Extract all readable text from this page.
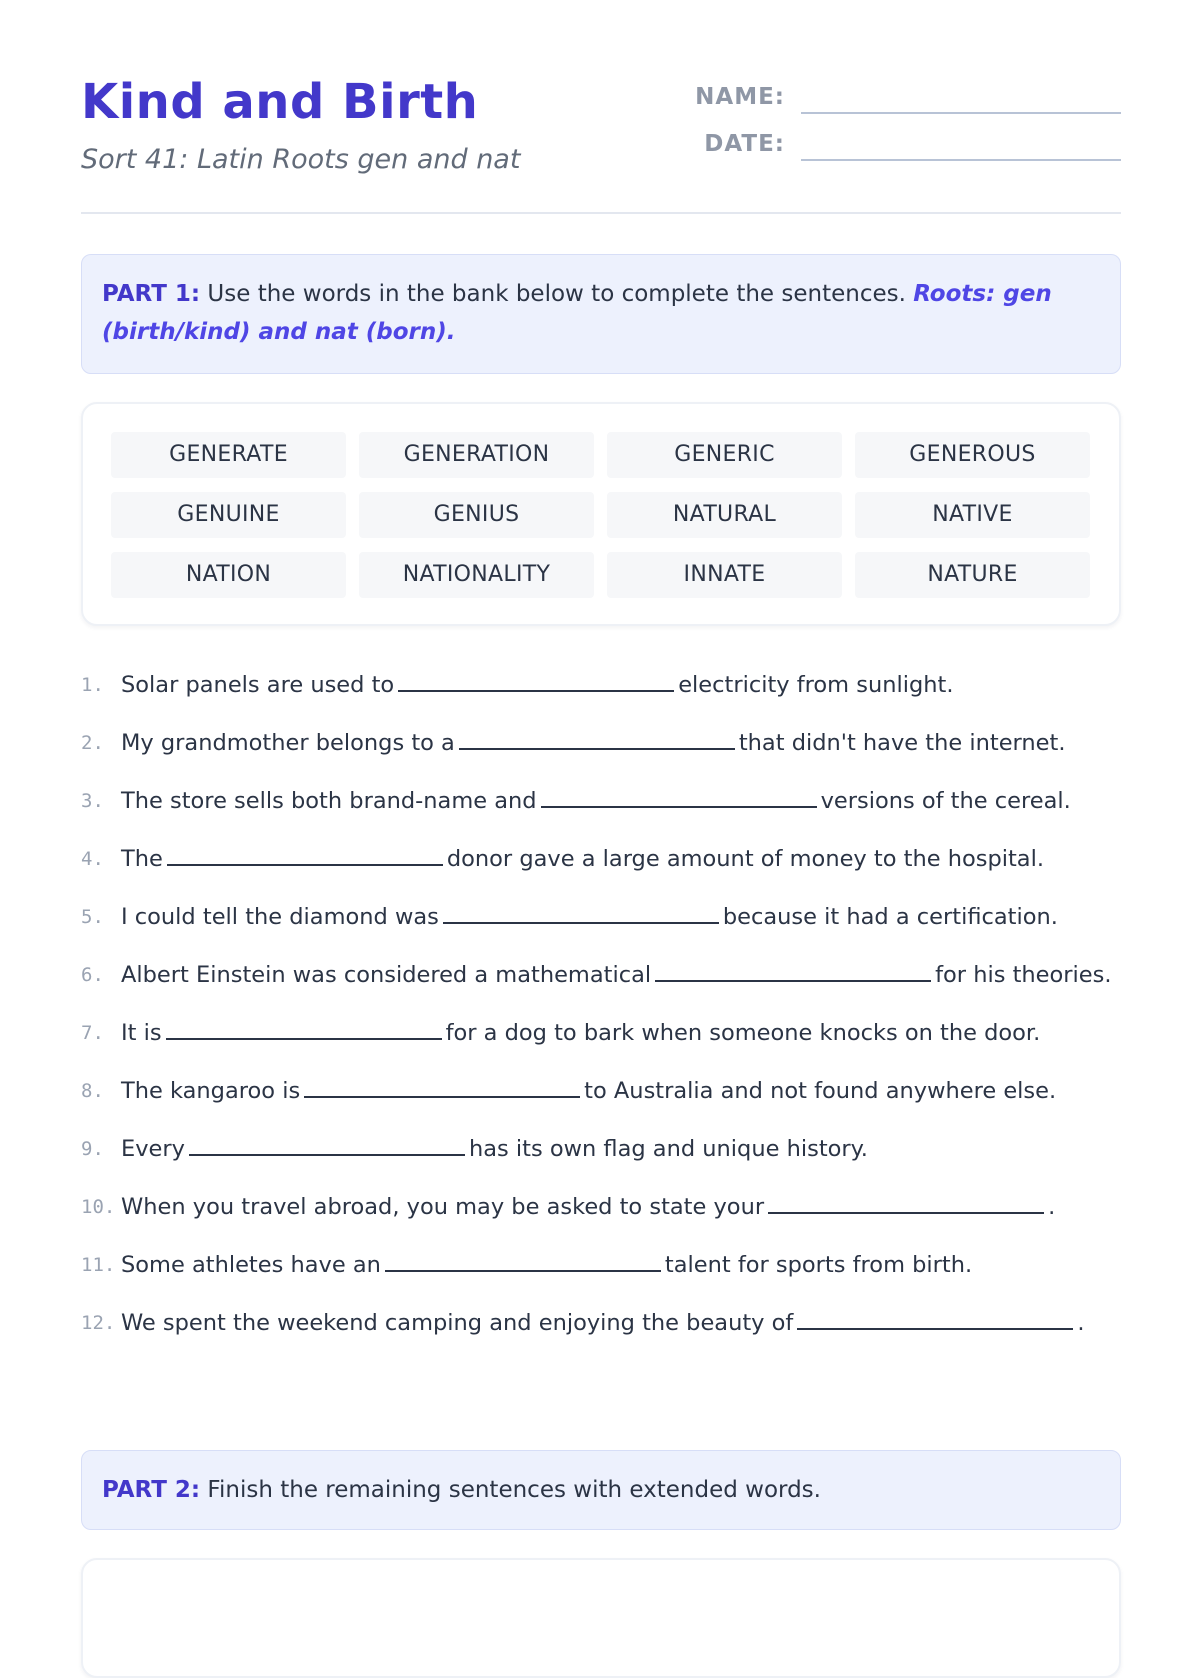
Kind and Birth

Sort 41: Latin Roots gen and nat

NAME:
DATE:
PART 1: Use the words in the bank below to complete the sentences. Roots: gen (birth/kind) and nat (born).
GENERATE	GENERATION	GENERIC	GENEROUS
GENUINE	GENIUS	NATURAL	NATIVE
NATION	NATIONALITY	INNATE	NATURE
1. Solar panels are used to	electricity from sunlight.
2. My grandmother belongs to a	that didn't have the internet.
3. The store sells both brand-name and	versions of the cereal.
4. The	donor gave a large amount of money to the hospital.
5. I could tell the diamond was	because it had a certification.
6. Albert Einstein was considered a mathematical	for his theories.
7. It is	for a dog to bark when someone knocks on the door.
8. The kangaroo is	to Australia and not found anywhere else.
9. Every	has its own flag and unique history.
10. When you travel abroad, you may be asked to state your	.
11. Some athletes have an	talent for sports from birth.
12. We spent the weekend camping and enjoying the beauty of	.
PART 2: Finish the remaining sentences with extended words.
